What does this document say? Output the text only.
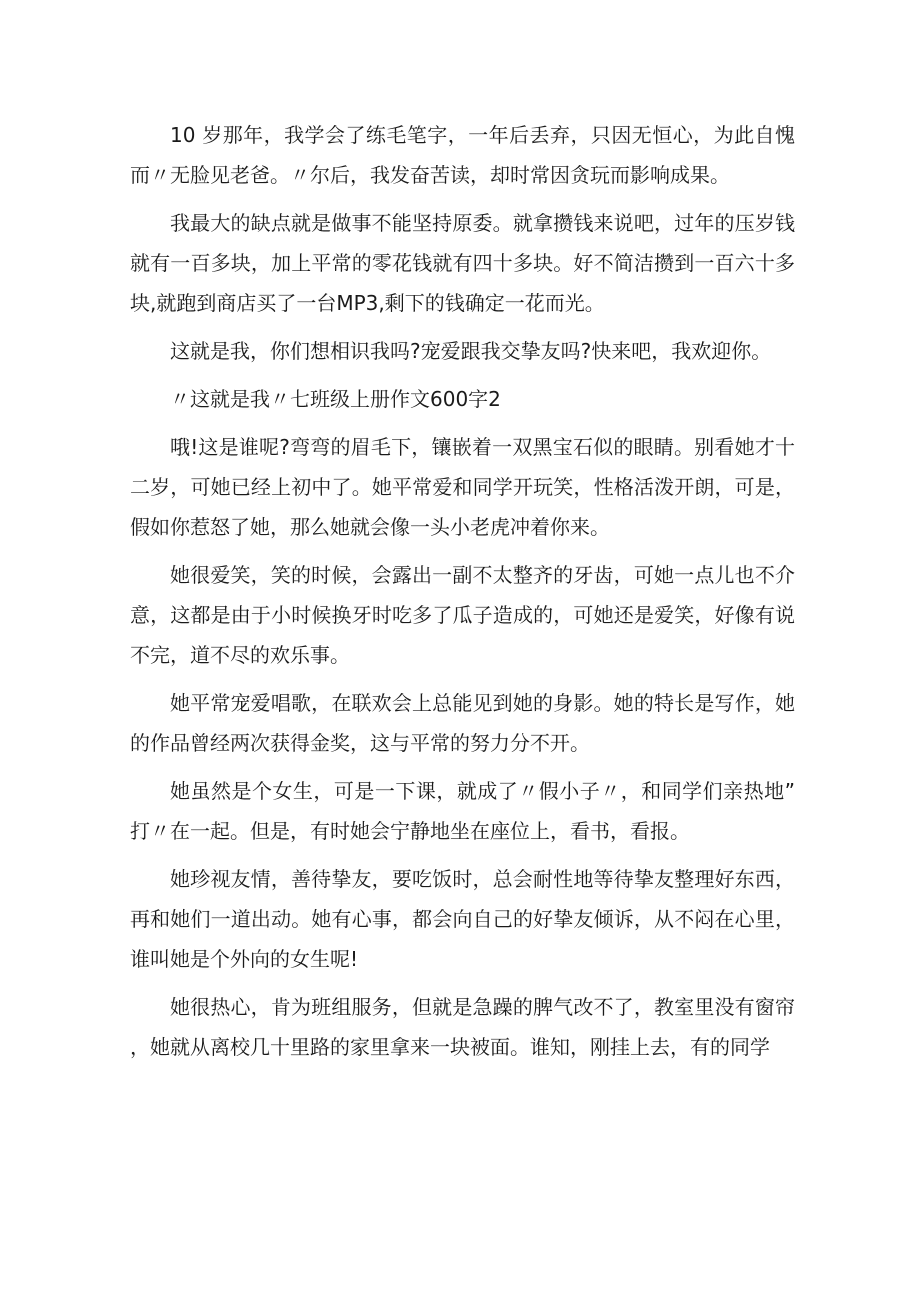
10 岁那年，我学会了练毛笔字，一年后丢弃，只因无恒心，为此自愧而〃无脸见老爸。〃尔后，我发奋苦读，却时常因贪玩而影响成果。

我最大的缺点就是做事不能坚持原委。就拿攒钱来说吧，过年的压岁钱就有一百多块，加上平常的零花钱就有四十多块。好不简洁攒到一百六十多块,就跑到商店买了一台MP3,剩下的钱确定一花而光。

这就是我，你们想相识我吗?宠爱跟我交挚友吗?快来吧，我欢迎你。

〃这就是我〃七班级上册作文600字2

哦!这是谁呢?弯弯的眉毛下，镶嵌着一双黑宝石似的眼睛。别看她才十二岁，可她已经上初中了。她平常爱和同学开玩笑，性格活泼开朗，可是，假如你惹怒了她，那么她就会像一头小老虎冲着你来。

她很爱笑，笑的时候，会露出一副不太整齐的牙齿，可她一点儿也不介意，这都是由于小时候换牙时吃多了瓜子造成的，可她还是爱笑，好像有说不完，道不尽的欢乐事。

她平常宠爱唱歌，在联欢会上总能见到她的身影。她的特长是写作，她的作品曾经两次获得金奖，这与平常的努力分不开。

她虽然是个女生，可是一下课，就成了〃假小子〃，和同学们亲热地”打〃在一起。但是，有时她会宁静地坐在座位上，看书，看报。

她珍视友情，善待挚友，要吃饭时，总会耐性地等待挚友整理好东西，再和她们一道出动。她有心事，都会向自己的好挚友倾诉，从不闷在心里，谁叫她是个外向的女生呢!

她很热心，肯为班组服务，但就是急躁的脾气改不了，教室里没有窗帘，她就从离校几十里路的家里拿来一块被面。谁知，刚挂上去，有的同学
